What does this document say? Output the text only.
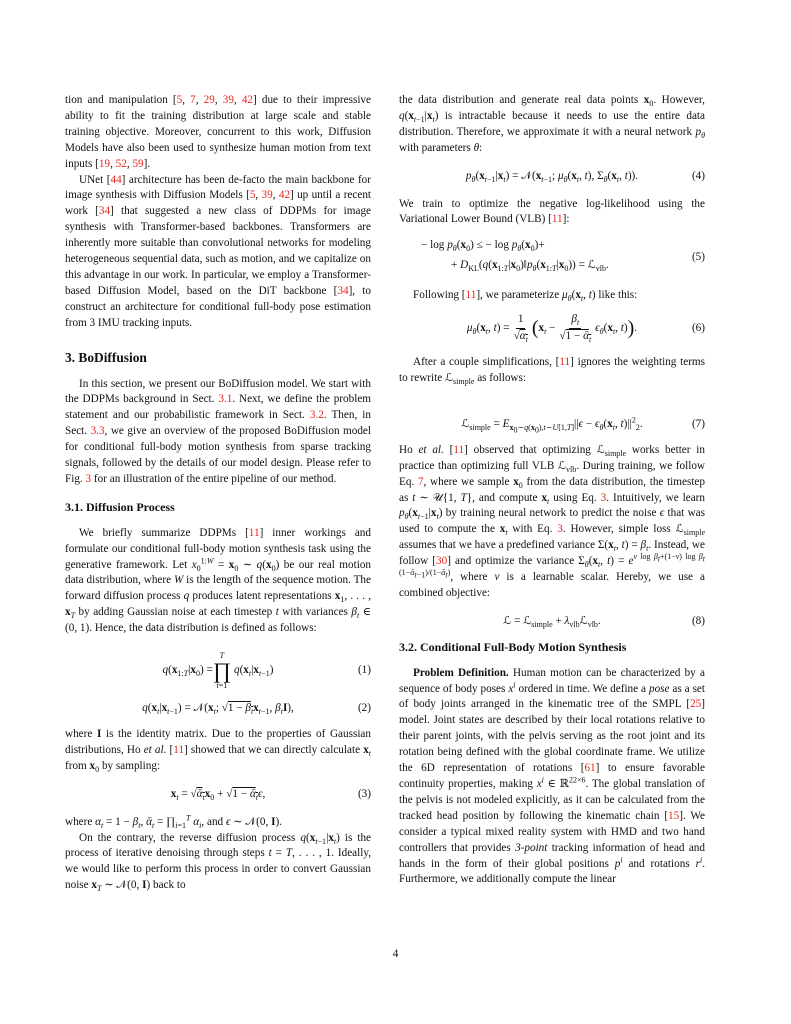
tion and manipulation [5, 7, 29, 39, 42] due to their impressive ability to fit the training distribution at large scale and stable training objective. Moreover, concurrent to this work, Diffusion Models have also been used to synthesize human motion from text inputs [19, 52, 59].

UNet [44] architecture has been de-facto the main backbone for image synthesis with Diffusion Models [5, 39, 42] up until a recent work [34] that suggested a new class of DDPMs for image synthesis with Transformer-based backbones. Transformers are inherently more suitable than convolutional networks for modeling heterogeneous sequential data, such as motion, and we capitalize on this advantage in our work. In particular, we employ a Transformer-based Diffusion Model, based on the DiT backbone [34], to construct an architecture for conditional full-body pose estimation from 3 IMU tracking inputs.

3. BoDiffusion

In this section, we present our BoDiffusion model. We start with the DDPMs background in Sect. 3.1. Next, we define the problem statement and our probabilistic framework in Sect. 3.2. Then, in Sect. 3.3, we give an overview of the proposed BoDiffusion model for conditional full-body motion synthesis from sparse tracking signals, followed by the details of our model design. Please refer to Fig. 3 for an illustration of the entire pipeline of our method.

3.1. Diffusion Process

We briefly summarize DDPMs [11] inner workings and formulate our conditional full-body motion synthesis task using the generative framework. Let $x_0^{1:W} = x_0$ ∼ $q(x_0)$ be our real motion data distribution, where W is the length of the sequence motion. The forward diffusion process q produces latent representations $x_1$, . . . , $x_T$ by adding Gaussian noise at each timestep t with variances $\beta_t$ ∈ (0, 1). Hence, the data distribution is defined as follows:

$q(x_{1:T}|x_0)$ =
T
∏
t=1
$q(x_t|x_{t-1})$	(1)
$q(x_t|x_{t-1})$ = $𝒩(x_t$; $√1 - \beta_tx_{t-1}$, $\beta_tI$),	(2)

where I is the identity matrix. Due to the properties of Gaussian distributions, Ho et al. [11] showed that we can directly calculate $x_t$ from $x_0$ by sampling:

$x_t$ = $√ᾱ_tx_0 + √1$ − ᾱ$_t$ϵ,	(3)

where $\alpha_t = 1 - \beta_t$, ᾱ$_t$ = $\prod_{i=1}^T$ $\alpha_i$, and ϵ ∼ 𝒩(0, I).

On the contrary, the reverse diffusion process $q(x_{t-1}|x_t)$ is the process of iterative denoising through steps t = T, . . . , 1. Ideally, we would like to perform this process in order to convert Gaussian noise $x_T$ ∼ 𝒩(0, I) back to

the data distribution and generate real data points $x_0$. However, $q(x_{t-1}|x_t)$ is intractable because it needs to use the entire data distribution. Therefore, we approximate it with a neural network $p_\theta$ with parameters θ:

$p_\theta(x_{t-1}|x_t)$ = $𝒩(x_{t-1}$; $\mu_\theta(x_t$, t), $\Sigma_\theta(x_t$, t)).	(4)

We train to optimize the negative log-likelihood using the Variational Lower Bound (VLB) [11]:

− $\log p_\theta(x_0)$ ≤ − $\log p_\theta(x_0)+$
+ $D_{KL}(q(x_{1:T}|x_0)‖p_\theta(x_{1:T}|x_0))$ = ℒ$_{vlb}$.
(5)

Following [11], we parameterize $\mu_\theta(x_t$, t) like this:

$\mu_\theta(x_t$, $t) = \frac{1}{√\alpha_t}$ ( $x_t - \frac{\beta_t}{√1 - ᾱ_t} \epsilon_\theta(x_t$, t) ) .	(6)

After a couple simplifications, [11] ignores the weighting terms to rewrite ℒ$_{simple}$ as follows:

ℒ$_{simple}$ = $E_{x_0\sim q(x_0),t\sim U[1,T]}||\epsilon - \epsilon_\theta(x_t$, $t)||^2_2$.	(7)

Ho et al. [11] observed that optimizing ℒ$_{simple}$ works better in practice than optimizing full VLB ℒ$_{vlb}$. During training, we follow Eq. 7, where we sample $x_0$ from the data distribution, the timestep as t ∼ 𝒰{1, T}, and compute $x_t$ using Eq. 3. Intuitively, we learn $p_\theta(x_{t-1}|x_t)$ by training neural network to predict the noise ϵ that was used to compute the $x_t$ with Eq. 3. However, simple loss ℒ$_{simple}$ assumes that we have a predefined variance $\Sigma(x_t$, $t) = \beta_t$. Instead, we follow [30] and optimize the variance $\Sigma_\theta(x_t$, $t) = e^{v log \beta_t+(1-v) log \beta_t (1-ᾱ_{t-1})/(1-ᾱ_t)}$, where v is a learnable scalar. Hereby, we use a combined objective:

ℒ = ℒ$_{simple}$ + $\lambda_{vlb}ℒ_{vlb}$.	(8)
3.2. Conditional Full-Body Motion Synthesis

Problem Definition. Human motion can be characterized by a sequence of body poses $x^i$ ordered in time. We define a pose as a set of body joints arranged in the kinematic tree of the SMPL [25] model. Joint states are described by their local rotations relative to their parent joints, with the pelvis serving as the root joint and its rotation being defined with the global coordinate frame. We utilize the 6D representation of rotations [61] to ensure favorable continuity properties, making $x^i$ ∈ ℝ$^{22\times 6}$. The global translation of the pelvis is not modeled explicitly, as it can be calculated from the tracked head position by following the kinematic chain [15]. We consider a typical mixed reality system with HMD and two hand controllers that provides 3-point tracking information of head and hands in the form of their global positions $p^i$ and rotations $r^i$. Furthermore, we additionally compute the linear

4
